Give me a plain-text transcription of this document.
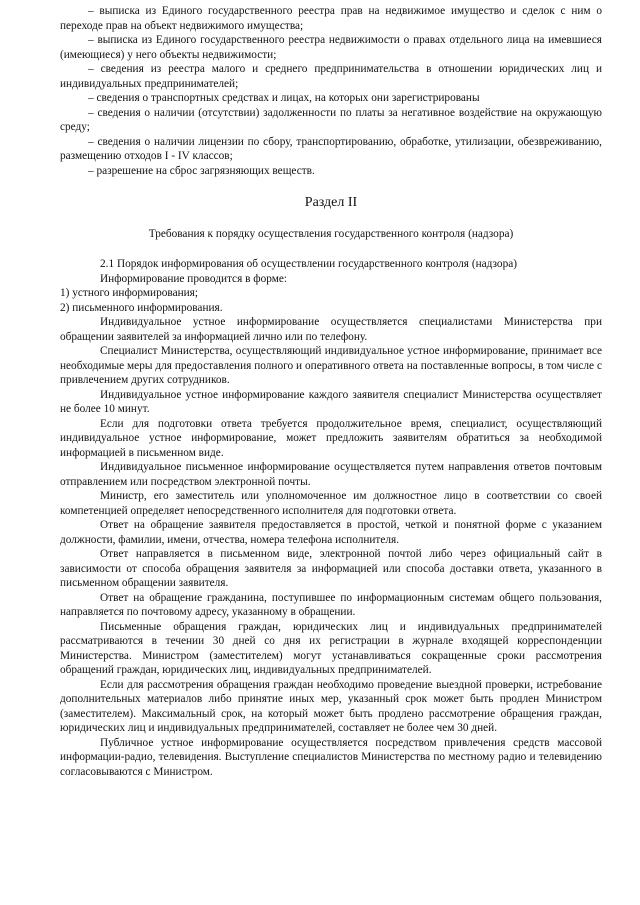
– выписка из Единого государственного реестра прав на недвижимое имущество и сделок с ним о переходе прав на объект недвижимого имущества;

– выписка из Единого государственного реестра недвижимости о правах отдельного лица на имевшиеся (имеющиеся) у него объекты недвижимости;

– сведения из реестра малого и среднего предпринимательства в отношении юридических лиц и индивидуальных предпринимателей;

– сведения о транспортных средствах и лицах, на которых они зарегистрированы

– сведения о наличии (отсутствии) задолженности по платы за негативное воздействие на окружающую среду;

– сведения о наличии лицензии по сбору, транспортированию, обработке, утилизации, обезвреживанию, размещению отходов I - IV классов;

– разрешение на сброс загрязняющих веществ.

Раздел II
Требования к порядку осуществления государственного контроля (надзора)

2.1 Порядок информирования об осуществлении государственного контроля (надзора)

Информирование проводится в форме:

1) устного информирования;

2) письменного информирования.

Индивидуальное устное информирование осуществляется специалистами Министерства при обращении заявителей за информацией лично или по телефону.

Специалист Министерства, осуществляющий индивидуальное устное информирование, принимает все необходимые меры для предоставления полного и оперативного ответа на поставленные вопросы, в том числе с привлечением других сотрудников.

Индивидуальное устное информирование каждого заявителя специалист Министерства осуществляет не более 10 минут.

Если для подготовки ответа требуется продолжительное время, специалист, осуществляющий индивидуальное устное информирование, может предложить заявителям обратиться за необходимой информацией в письменном виде.

Индивидуальное письменное информирование осуществляется путем направления ответов почтовым отправлением или посредством электронной почты.

Министр, его заместитель или уполномоченное им должностное лицо в соответствии со своей компетенцией определяет непосредственного исполнителя для подготовки ответа.

Ответ на обращение заявителя предоставляется в простой, четкой и понятной форме с указанием должности, фамилии, имени, отчества, номера телефона исполнителя.

Ответ направляется в письменном виде, электронной почтой либо через официальный сайт в зависимости от способа обращения заявителя за информацией или способа доставки ответа, указанного в письменном обращении заявителя.

Ответ на обращение гражданина, поступившее по информационным системам общего пользования, направляется по почтовому адресу, указанному в обращении.

Письменные обращения граждан, юридических лиц и индивидуальных предпринимателей рассматриваются в течении 30 дней со дня их регистрации в журнале входящей корреспонденции Министерства. Министром (заместителем) могут устанавливаться сокращенные сроки рассмотрения обращений граждан, юридических лиц, индивидуальных предпринимателей.

Если для рассмотрения обращения граждан необходимо проведение выездной проверки, истребование дополнительных материалов либо принятие иных мер, указанный срок может быть продлен Министром (заместителем). Максимальный срок, на который может быть продлено рассмотрение обращения граждан, юридических лиц и индивидуальных предпринимателей, составляет не более чем 30 дней.

Публичное устное информирование осуществляется посредством привлечения средств массовой информации-радио, телевидения. Выступление специалистов Министерства по местному радио и телевидению согласовываются с Министром.
